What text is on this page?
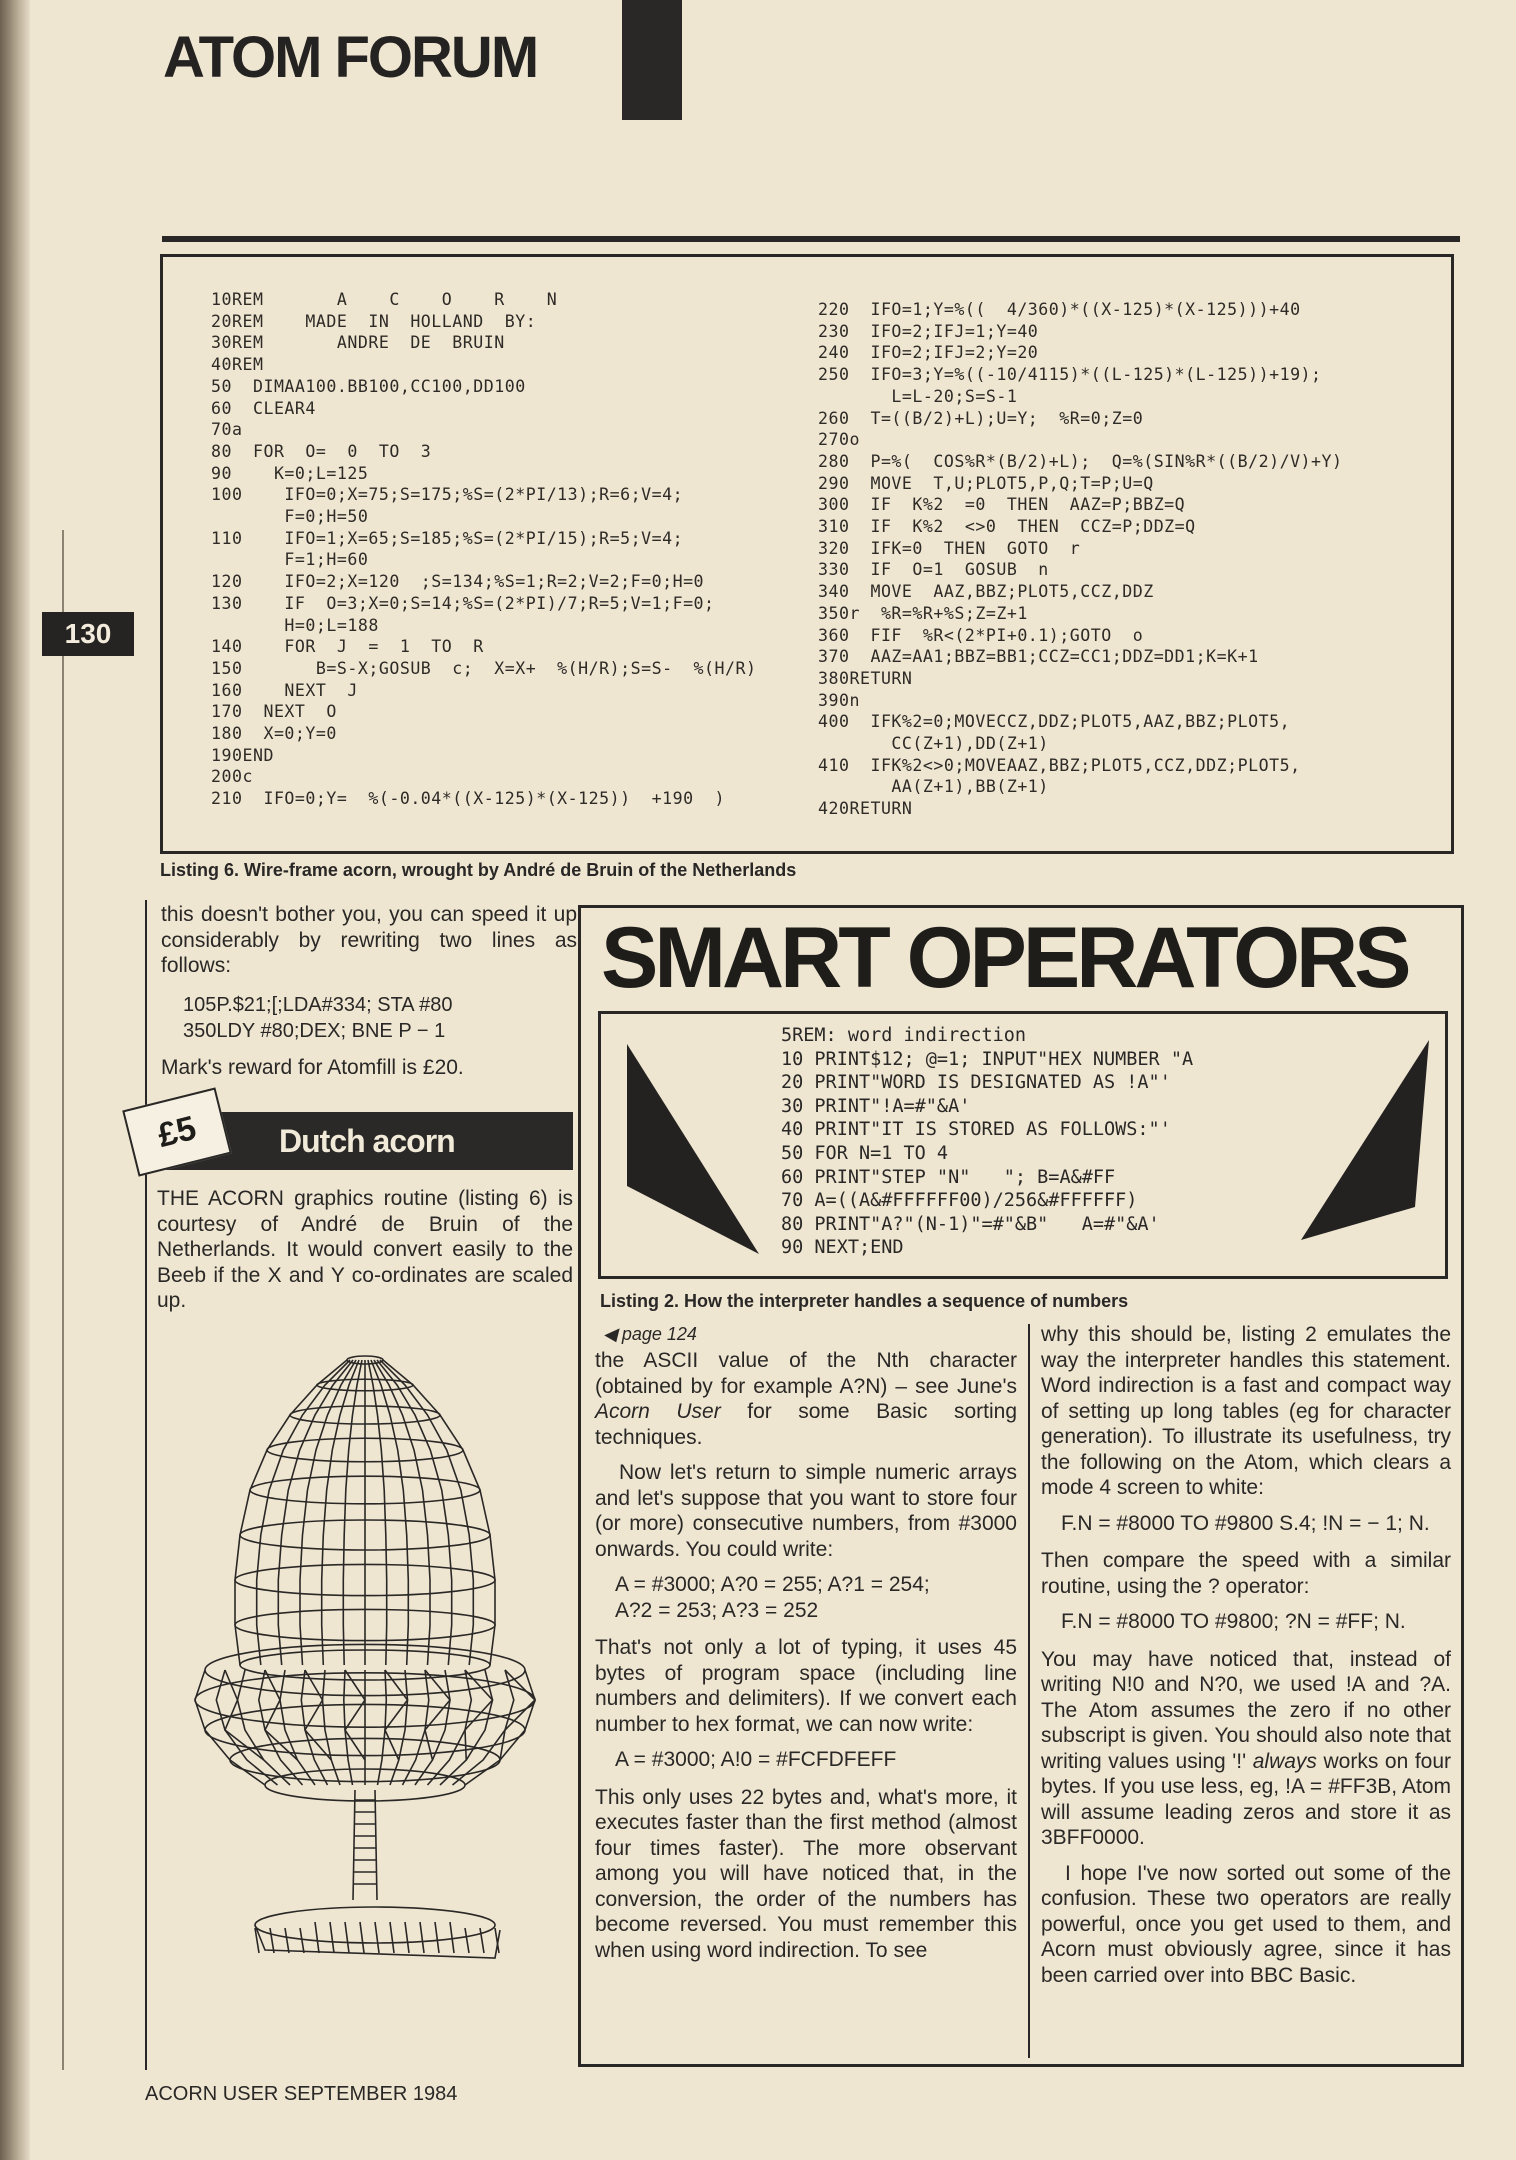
ATOM FORUM
130
10REM       A    C    O    R    N
20REM    MADE  IN  HOLLAND  BY:
30REM       ANDRE  DE  BRUIN
40REM
50  DIMAA100.BB100,CC100,DD100
60  CLEAR4
70a
80  FOR  O=  0  TO  3
90    K=0;L=125
100    IFO=0;X=75;S=175;%S=(2*PI/13);R=6;V=4;
F=0;H=50
110    IFO=1;X=65;S=185;%S=(2*PI/15);R=5;V=4;
F=1;H=60
120    IFO=2;X=120  ;S=134;%S=1;R=2;V=2;F=0;H=0
130    IF  O=3;X=0;S=14;%S=(2*PI)/7;R=5;V=1;F=0;
H=0;L=188
140    FOR  J  =  1  TO  R
150       B=S-X;GOSUB  c;  X=X+  %(H/R);S=S-  %(H/R)
160    NEXT  J
170  NEXT  O
180  X=0;Y=0
190END
200c
210  IFO=0;Y=  %(-0.04*((X-125)*(X-125))  +190  )
220  IFO=1;Y=%((  4/360)*((X-125)*(X-125)))+40
230  IFO=2;IFJ=1;Y=40
240  IFO=2;IFJ=2;Y=20
250  IFO=3;Y=%((-10/4115)*((L-125)*(L-125))+19);
L=L-20;S=S-1
260  T=((B/2)+L);U=Y;  %R=0;Z=0
270o
280  P=%(  COS%R*(B/2)+L);  Q=%(SIN%R*((B/2)/V)+Y)
290  MOVE  T,U;PLOT5,P,Q;T=P;U=Q
300  IF  K%2  =0  THEN  AAZ=P;BBZ=Q
310  IF  K%2  <>0  THEN  CCZ=P;DDZ=Q
320  IFK=0  THEN  GOTO  r
330  IF  O=1  GOSUB  n
340  MOVE  AAZ,BBZ;PLOT5,CCZ,DDZ
350r  %R=%R+%S;Z=Z+1
360  FIF  %R<(2*PI+0.1);GOTO  o
370  AAZ=AA1;BBZ=BB1;CCZ=CC1;DDZ=DD1;K=K+1
380RETURN
390n
400  IFK%2=0;MOVECCZ,DDZ;PLOT5,AAZ,BBZ;PLOT5,
CC(Z+1),DD(Z+1)
410  IFK%2<>0;MOVEAAZ,BBZ;PLOT5,CCZ,DDZ;PLOT5,
AA(Z+1),BB(Z+1)
420RETURN
Listing 6. Wire-frame acorn, wrought by André de Bruin of the Netherlands
this doesn't bother you, you can speed it up considerably by rewriting two lines as follows:
105P.$21;[;LDA#334; STA #80
350LDY #80;DEX; BNE P − 1
Mark's reward for Atomfill is £20.
Dutch acorn
£5
THE ACORN graphics routine (listing 6) is courtesy of André de Bruin of the Netherlands. It would convert easily to the Beeb if the X and Y co-ordinates are scaled up.
SMART OPERATORS
5REM: word indirection
10 PRINT$12; @=1; INPUT"HEX NUMBER "A
20 PRINT"WORD IS DESIGNATED AS !A"'
30 PRINT"!A=#"&A'
40 PRINT"IT IS STORED AS FOLLOWS:"'
50 FOR N=1 TO 4
60 PRINT"STEP "N"   "; B=A&#FF
70 A=((A&#FFFFFF00)/256&#FFFFFF)
80 PRINT"A?"(N-1)"=#"&B"   A=#"&A'
90 NEXT;END
Listing 2. How the interpreter handles a sequence of numbers
◀ page 124

the ASCII value of the Nth character (obtained by for example A?N) – see June's Acorn User for some Basic sorting techniques.

Now let's return to simple numeric arrays and let's suppose that you want to store four (or more) consecutive numbers, from #3000 onwards. You could write:

A = #3000; A?0 = 255; A?1 = 254;
A?2 = 253; A?3 = 252

That's not only a lot of typing, it uses 45 bytes of program space (including line numbers and delimiters). If we convert each number to hex format, we can now write:

A = #3000; A!0 = #FCFDFEFF

This only uses 22 bytes and, what's more, it executes faster than the first method (almost four times faster). The more observant among you will have noticed that, in the conversion, the order of the numbers has become reversed. You must remember this when using word indirection. To see

why this should be, listing 2 emulates the way the interpreter handles this statement. Word indirection is a fast and compact way of setting up long tables (eg for character generation). To illustrate its usefulness, try the following on the Atom, which clears a mode 4 screen to white:

F.N = #8000 TO #9800 S.4; !N = − 1; N.

Then compare the speed with a similar routine, using the ? operator:

F.N = #8000 TO #9800; ?N = #FF; N.

You may have noticed that, instead of writing N!0 and N?0, we used !A and ?A. The Atom assumes the zero if no other subscript is given. You should also note that writing values using '!' always works on four bytes. If you use less, eg, !A = #FF3B, Atom will assume leading zeros and store it as 3BFF0000.

I hope I've now sorted out some of the confusion. These two operators are really powerful, once you get used to them, and Acorn must obviously agree, since it has been carried over into BBC Basic.

ACORN USER SEPTEMBER 1984
